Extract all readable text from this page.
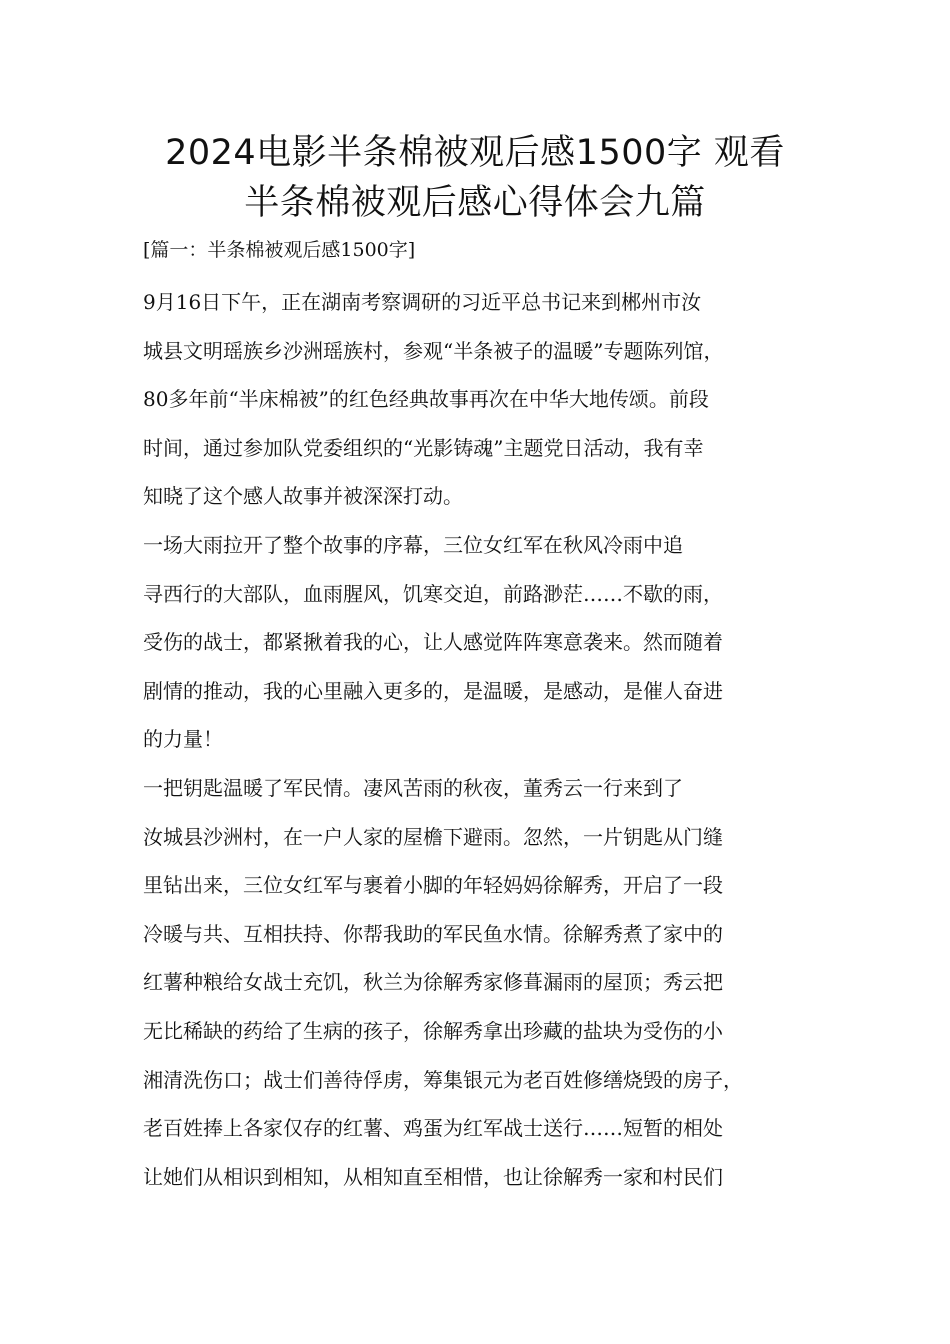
2024电影半条棉被观后感1500字 观看
半条棉被观后感心得体会九篇

[篇一：半条棉被观后感1500字]

9月16日下午，正在湖南考察调研的习近平总书记来到郴州市汝
城县文明瑶族乡沙洲瑶族村，参观“半条被子的温暖”专题陈列馆，
80多年前“半床棉被”的红色经典故事再次在中华大地传颂。前段
时间，通过参加队党委组织的“光影铸魂”主题党日活动，我有幸
知晓了这个感人故事并被深深打动。

一场大雨拉开了整个故事的序幕，三位女红军在秋风冷雨中追
寻西行的大部队，血雨腥风，饥寒交迫，前路渺茫……不歇的雨，
受伤的战士，都紧揪着我的心，让人感觉阵阵寒意袭来。然而随着
剧情的推动，我的心里融入更多的，是温暖，是感动，是催人奋进
的力量！

一把钥匙温暖了军民情。凄风苦雨的秋夜，董秀云一行来到了
汝城县沙洲村，在一户人家的屋檐下避雨。忽然，一片钥匙从门缝
里钻出来，三位女红军与裹着小脚的年轻妈妈徐解秀，开启了一段
冷暖与共、互相扶持、你帮我助的军民鱼水情。徐解秀煮了家中的
红薯种粮给女战士充饥，秋兰为徐解秀家修葺漏雨的屋顶；秀云把
无比稀缺的药给了生病的孩子，徐解秀拿出珍藏的盐块为受伤的小
湘清洗伤口；战士们善待俘虏，筹集银元为老百姓修缮烧毁的房子，
老百姓捧上各家仅存的红薯、鸡蛋为红军战士送行……短暂的相处
让她们从相识到相知，从相知直至相惜，也让徐解秀一家和村民们
